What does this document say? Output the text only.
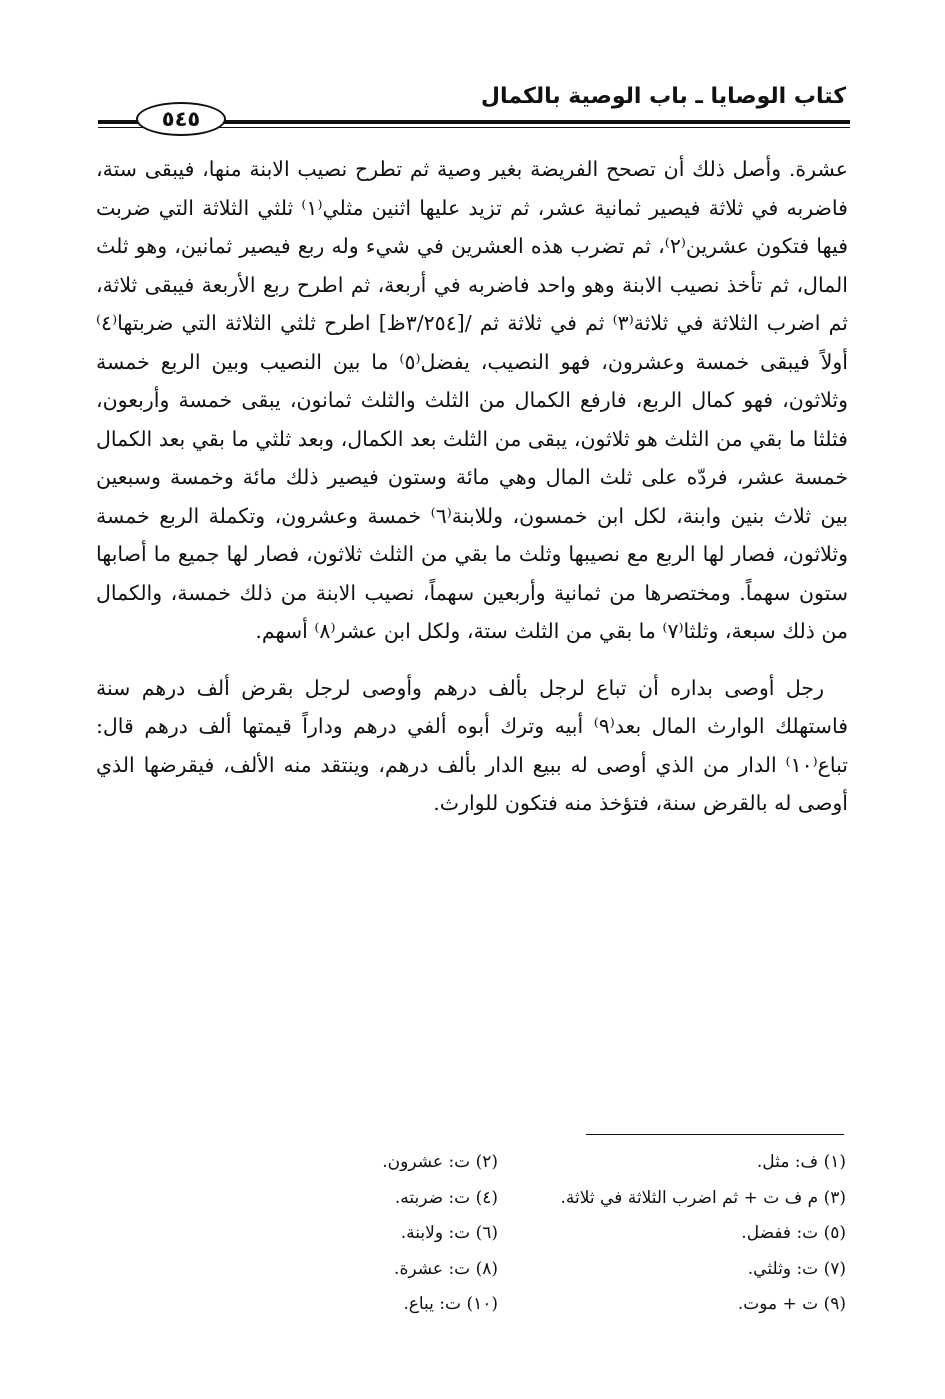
كتاب الوصايا ـ باب الوصية بالكمال
٥٤٥

عشرة. وأصل ذلك أن تصحح الفريضة بغير وصية ثم تطرح نصيب الابنة منها، فيبقى ستة، فاضربه في ثلاثة فيصير ثمانية عشر، ثم تزيد عليها اثنين مثلي⁽١⁾ ثلثي الثلاثة التي ضربت فيها فتكون عشرين⁽٢⁾، ثم تضرب هذه العشرين في شيء وله ربع فيصير ثمانين، وهو ثلث المال، ثم تأخذ نصيب الابنة وهو واحد فاضربه في أربعة، ثم اطرح ربع الأربعة فيبقى ثلاثة، ثم اضرب الثلاثة في ثلاثة⁽٣⁾ ثم في ثلاثة ثم /[٣/٢٥٤ظ] اطرح ثلثي الثلاثة التي ضربتها⁽٤⁾ أولاً فيبقى خمسة وعشرون، فهو النصيب، يفضل⁽٥⁾ ما بين النصيب وبين الربع خمسة وثلاثون، فهو كمال الربع، فارفع الكمال من الثلث والثلث ثمانون، يبقى خمسة وأربعون، فثلثا ما بقي من الثلث هو ثلاثون، يبقى من الثلث بعد الكمال، وبعد ثلثي ما بقي بعد الكمال خمسة عشر، فردّه على ثلث المال وهي مائة وستون فيصير ذلك مائة وخمسة وسبعين بين ثلاث بنين وابنة، لكل ابن خمسون، وللابنة⁽٦⁾ خمسة وعشرون، وتكملة الربع خمسة وثلاثون، فصار لها الربع مع نصيبها وثلث ما بقي من الثلث ثلاثون، فصار لها جميع ما أصابها ستون سهماً. ومختصرها من ثمانية وأربعين سهماً، نصيب الابنة من ذلك خمسة، والكمال من ذلك سبعة، وثلثا⁽٧⁾ ما بقي من الثلث ستة، ولكل ابن عشر⁽٨⁾ أسهم.

رجل أوصى بداره أن تباع لرجل بألف درهم وأوصى لرجل بقرض ألف درهم سنة فاستهلك الوارث المال بعد⁽٩⁾ أبيه وترك أبوه ألفي درهم وداراً قيمتها ألف درهم قال: تباع⁽١٠⁾ الدار من الذي أوصى له ببيع الدار بألف درهم، وينتقد منه الألف، فيقرضها الذي أوصى له بالقرض سنة، فتؤخذ منه فتكون للوارث.

(١) ف: مثل.
(٢) ت: عشرون.
(٣) م ف ت + ثم اضرب الثلاثة في ثلاثة.
(٤) ت: ضربته.
(٥) ت: ففضل.
(٦) ت: ولابنة.
(٧) ت: وثلثي.
(٨) ت: عشرة.
(٩) ت + موت.
(١٠) ت: يباع.
